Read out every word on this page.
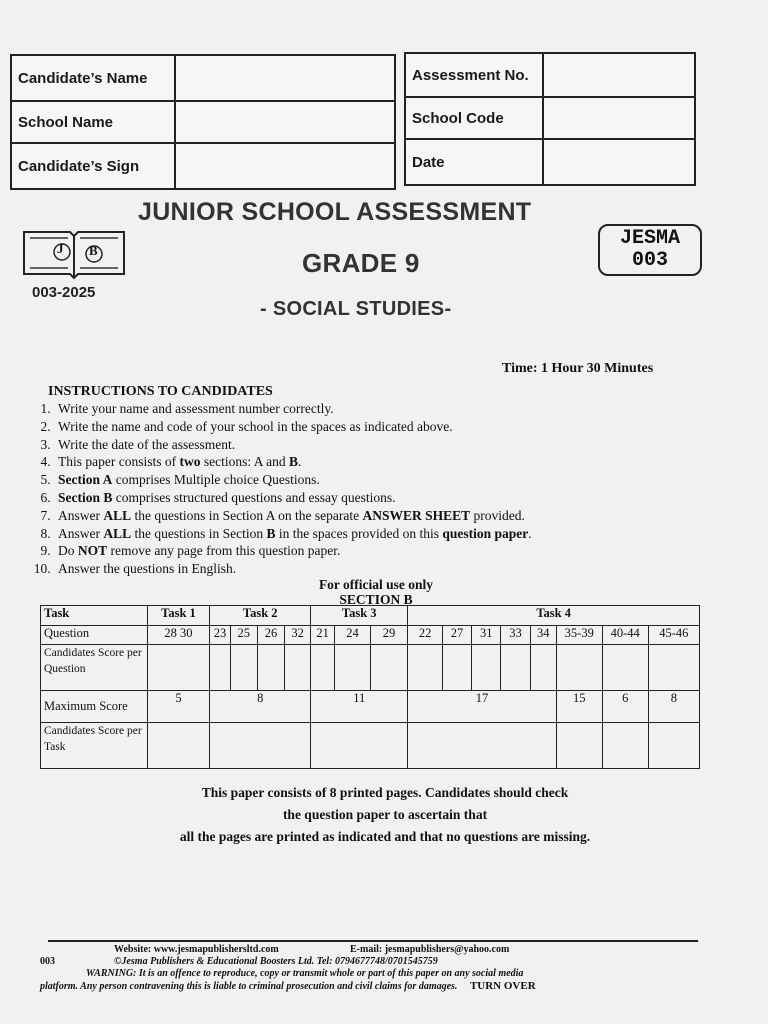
Candidate’s Name	
School Name	
Candidate’s Sign	
Assessment No.	
School Code	
Date	
J B
003-2025
JUNIOR SCHOOL ASSESSMENT
GRADE 9
- SOCIAL STUDIES-
JESMA
003
Time: 1 Hour 30 Minutes
INSTRUCTIONS TO CANDIDATES
1. Write your name and assessment number correctly.
2. Write the name and code of your school in the spaces as indicated above.
3. Write the date of the assessment.
4. This paper consists of two sections: A and B.
5. Section A comprises Multiple choice Questions.
6. Section B comprises structured questions and essay questions.
7. Answer ALL the questions in Section A on the separate ANSWER SHEET provided.
8. Answer ALL the questions in Section B in the spaces provided on this question paper.
9. Do NOT remove any page from this question paper.
10. Answer the questions in English.
For official use only
SECTION B
Task	Task 1	Task 2				Task 3			Task 4							
Question	28 30	23	25	26	32	21	24	29	22	27	31	33	34	35-39	40-44	45-46
Candidates Score per Question																
Maximum Score	5	8				11			17					15	6	8
Candidates Score per Task																
This paper consists of 8 printed pages. Candidates should check
the question paper to ascertain that
all the pages are printed as indicated and that no questions are missing.
Website: www.jesmapublishersltd.com	E-mail: jesmapublishers@yahoo.com
003	©Jesma Publishers & Educational Boosters Ltd. Tel: 0794677748/0701545759
WARNING: It is an offence to reproduce, copy or transmit whole or part of this paper on any social media
platform. Any person contravening this is liable to criminal prosecution and civil claims for damages. TURN OVER
